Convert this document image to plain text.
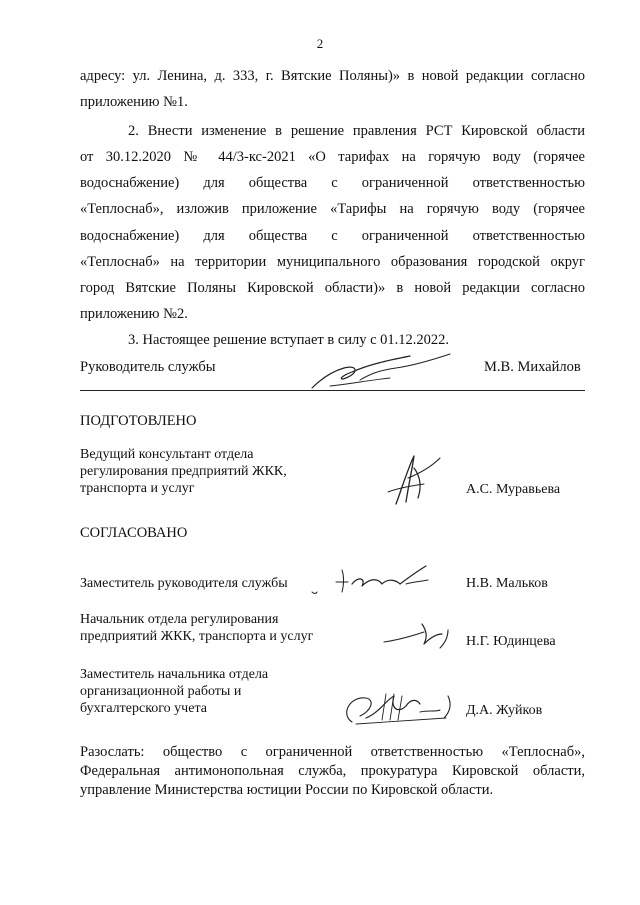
2
адресу: ул. Ленина, д. 333, г. Вятские Поляны)» в новой редакции согласно
приложению №1.
2. Внести изменение в решение правления РСТ Кировской области
от 30.12.2020 № 44/3-кс-2021 «О тарифах на горячую воду (горячее
водоснабжение) для общества с ограниченной ответственностью
«Теплоснаб», изложив приложение «Тарифы на горячую воду (горячее
водоснабжение) для общества с ограниченной ответственностью
«Теплоснаб» на территории муниципального образования городской округ
город Вятские Поляны Кировской области)» в новой редакции согласно
приложению №2.
3. Настоящее решение вступает в силу с 01.12.2022.
Руководитель службы	М.В. Михайлов
ПОДГОТОВЛЕНО
Ведущий консультант отдела
регулирования предприятий ЖКК,
транспорта и услуг	А.С. Муравьева
СОГЛАСОВАНО
Заместитель руководителя службы	Н.В. Мальков
Начальник отдела регулирования
предприятий ЖКК, транспорта и услуг	Н.Г. Юдинцева
Заместитель начальника отдела
организационной работы и
бухгалтерского учета	Д.А. Жуйков
Разослать: общество с ограниченной ответственностью «Теплоснаб»,
Федеральная антимонопольная служба, прокуратура Кировской области,
управление Министерства юстиции России по Кировской области.
